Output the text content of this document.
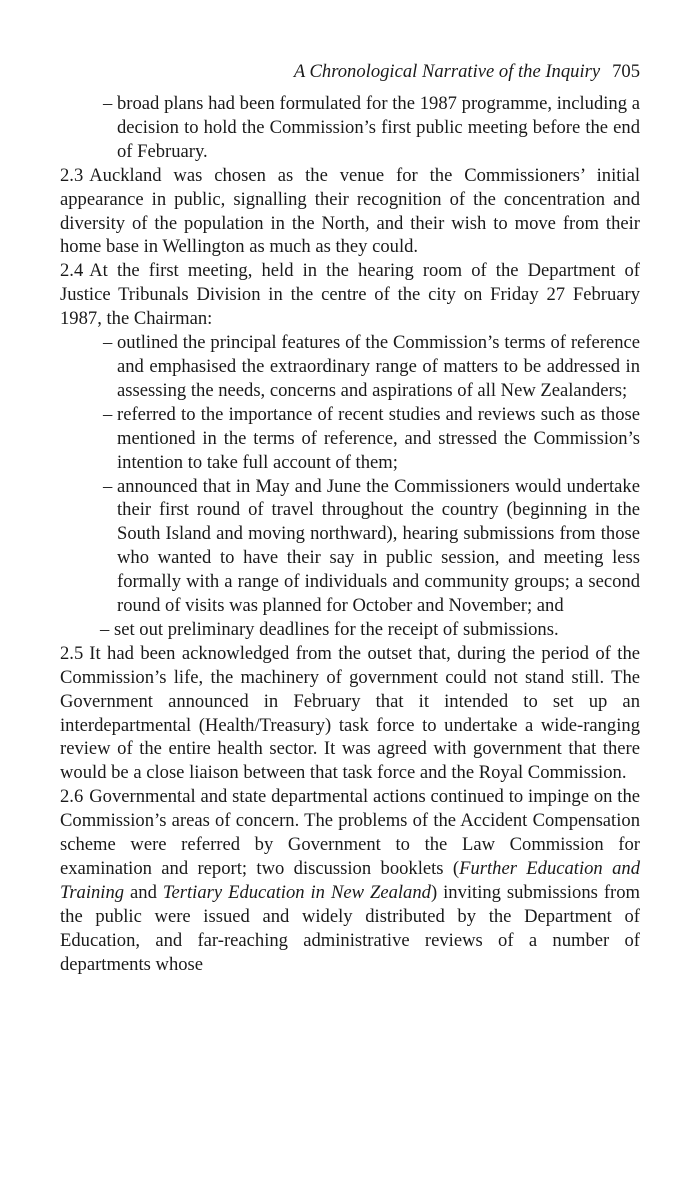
A Chronological Narrative of the Inquiry 705
– broad plans had been formulated for the 1987 programme, including a decision to hold the Commission’s first public meeting before the end of February.

2.3 Auckland was chosen as the venue for the Commissioners’ initial appearance in public, signalling their recognition of the concentration and diversity of the population in the North, and their wish to move from their home base in Wellington as much as they could.

2.4 At the first meeting, held in the hearing room of the Department of Justice Tribunals Division in the centre of the city on Friday 27 February 1987, the Chairman:

– outlined the principal features of the Commission’s terms of reference and emphasised the extraordinary range of matters to be addressed in assessing the needs, concerns and aspirations of all New Zealanders;
– referred to the importance of recent studies and reviews such as those mentioned in the terms of reference, and stressed the Commission’s intention to take full account of them;
– announced that in May and June the Commissioners would undertake their first round of travel throughout the country (beginning in the South Island and moving northward), hearing submissions from those who wanted to have their say in public session, and meeting less formally with a range of individuals and community groups; a second round of visits was planned for October and November; and
– set out preliminary deadlines for the receipt of submissions.

2.5 It had been acknowledged from the outset that, during the period of the Commission’s life, the machinery of government could not stand still. The Government announced in February that it intended to set up an interdepartmental (Health/Treasury) task force to undertake a wide-ranging review of the entire health sector. It was agreed with government that there would be a close liaison between that task force and the Royal Commission.

2.6 Governmental and state departmental actions continued to impinge on the Commission’s areas of concern. The problems of the Accident Compensation scheme were referred by Government to the Law Commission for examination and report; two discussion booklets (Further Education and Training and Tertiary Education in New Zealand) inviting submissions from the public were issued and widely distributed by the Department of Education, and far-reaching administrative reviews of a number of departments whose
